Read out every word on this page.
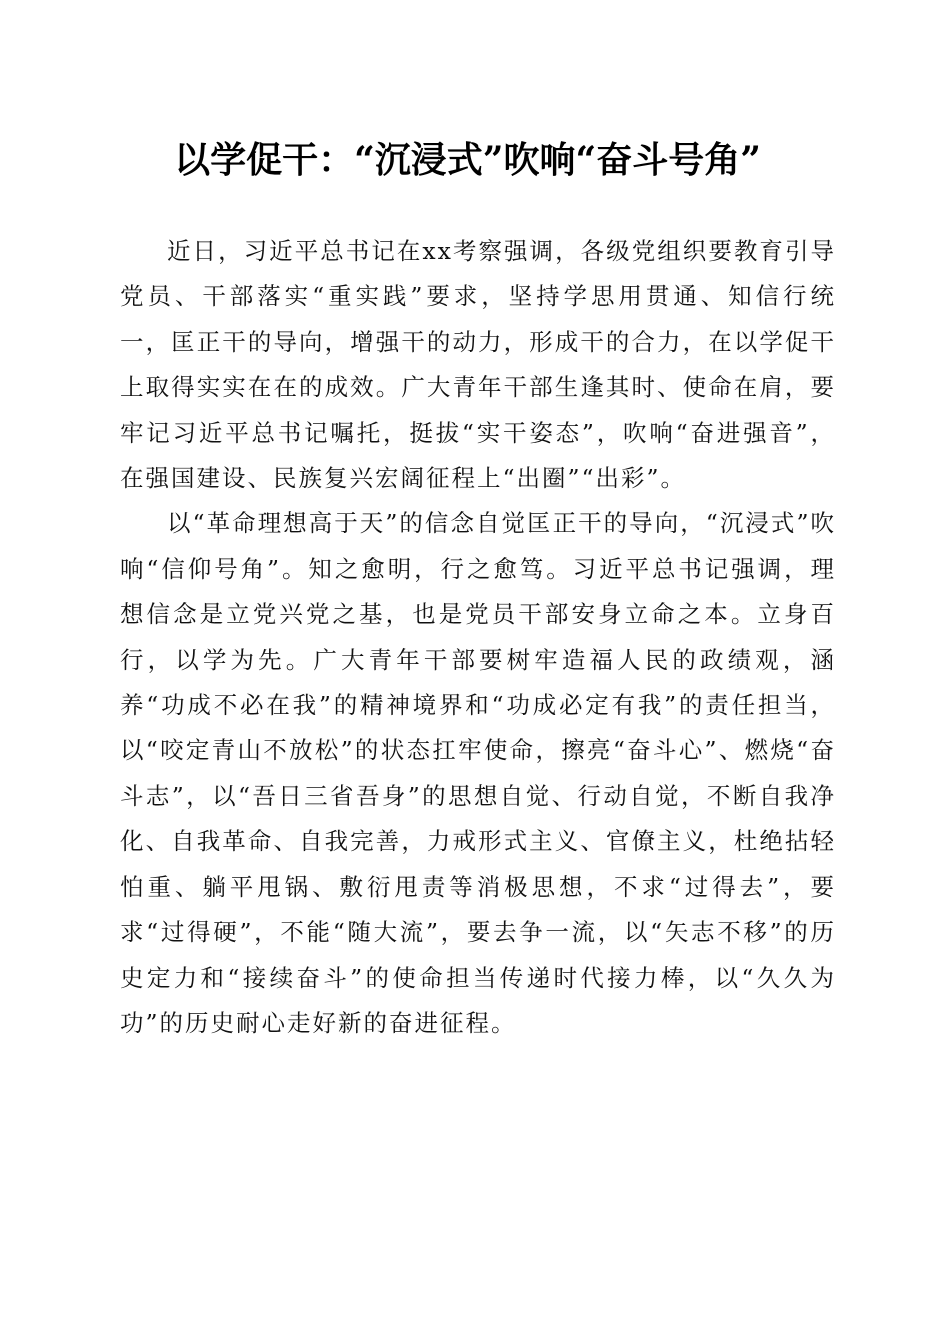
以学促干：“沉浸式”吹响“奋斗号角”

近日，习近平总书记在xx考察强调，各级党组织要教育引导党员、干部落实“重实践”要求，坚持学思用贯通、知信行统一，匡正干的导向，增强干的动力，形成干的合力，在以学促干上取得实实在在的成效。广大青年干部生逢其时、使命在肩，要牢记习近平总书记嘱托，挺拔“实干姿态”，吹响“奋进强音”，在强国建设、民族复兴宏阔征程上“出圈”“出彩”。

以“革命理想高于天”的信念自觉匡正干的导向，“沉浸式”吹响“信仰号角”。知之愈明，行之愈笃。习近平总书记强调，理想信念是立党兴党之基，也是党员干部安身立命之本。立身百行，以学为先。广大青年干部要树牢造福人民的政绩观，涵养“功成不必在我”的精神境界和“功成必定有我”的责任担当，以“咬定青山不放松”的状态扛牢使命，擦亮“奋斗心”、燃烧“奋斗志”，以“吾日三省吾身”的思想自觉、行动自觉，不断自我净化、自我革命、自我完善，力戒形式主义、官僚主义，杜绝拈轻怕重、躺平甩锅、敷衍甩责等消极思想，不求“过得去”，要求“过得硬”，不能“随大流”，要去争一流，以“矢志不移”的历史定力和“接续奋斗”的使命担当传递时代接力棒，以“久久为功”的历史耐心走好新的奋进征程。
